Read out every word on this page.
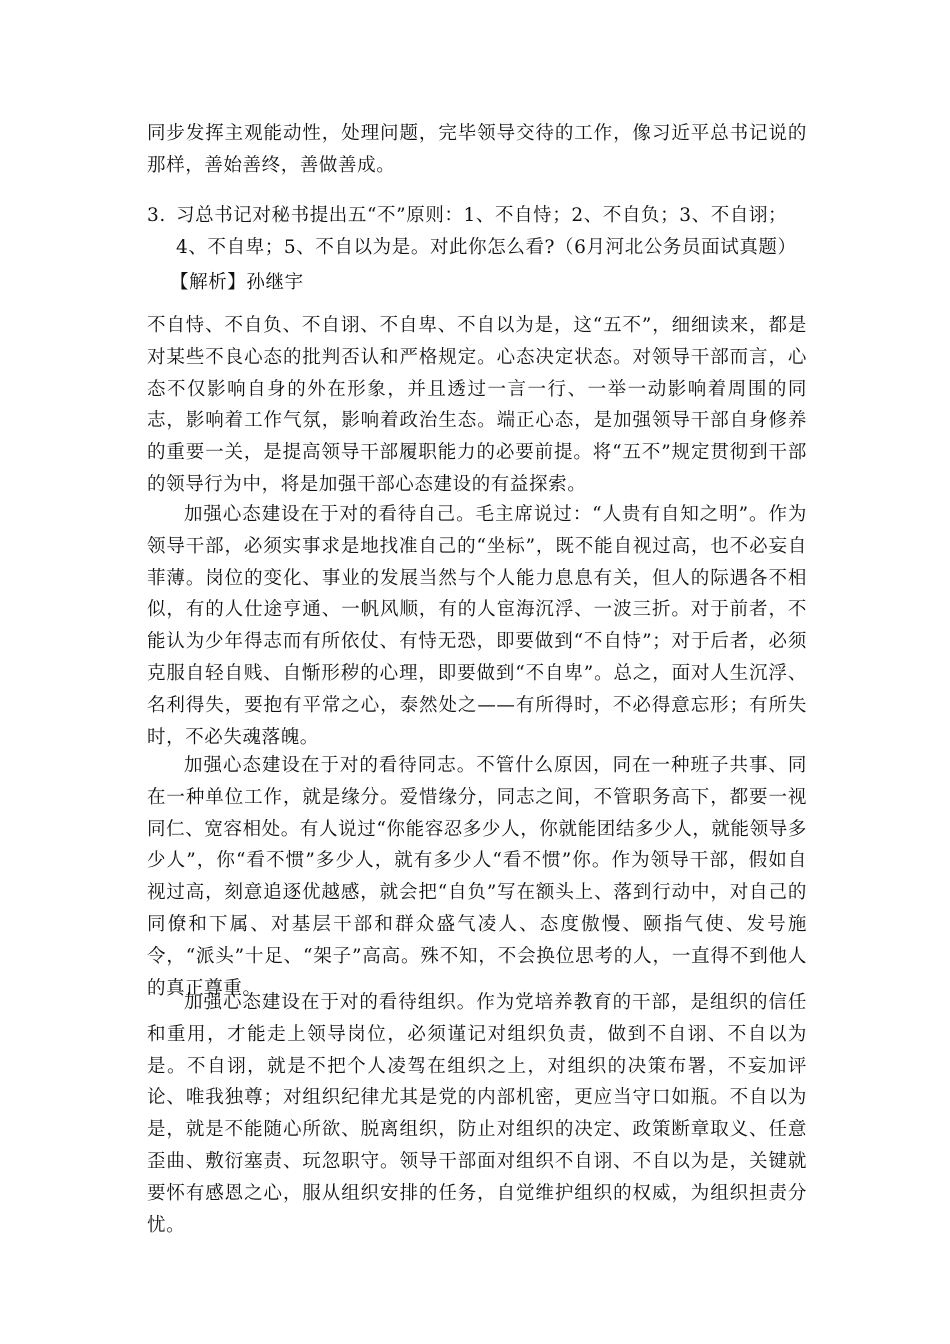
同步发挥主观能动性，处理问题，完毕领导交待的工作，像习近平总书记说的那样，善始善终，善做善成。

3. 习总书记对秘书提出五“不”原则：1、不自恃；2、不自负；3、不自诩；

4、不自卑；5、不自以为是。对此你怎么看?（6月河北公务员面试真题）

【解析】孙继宇

不自恃、不自负、不自诩、不自卑、不自以为是，这“五不”，细细读来，都是对某些不良心态的批判否认和严格规定。心态决定状态。对领导干部而言，心态不仅影响自身的外在形象，并且透过一言一行、一举一动影响着周围的同志，影响着工作气氛，影响着政治生态。端正心态，是加强领导干部自身修养的重要一关，是提高领导干部履职能力的必要前提。将“五不”规定贯彻到干部的领导行为中，将是加强干部心态建设的有益探索。

加强心态建设在于对的看待自己。毛主席说过：“人贵有自知之明”。作为领导干部，必须实事求是地找准自己的“坐标”，既不能自视过高，也不必妄自菲薄。岗位的变化、事业的发展当然与个人能力息息有关，但人的际遇各不相似，有的人仕途亨通、一帆风顺，有的人宦海沉浮、一波三折。对于前者，不能认为少年得志而有所依仗、有恃无恐，即要做到“不自恃”；对于后者，必须克服自轻自贱、自惭形秽的心理，即要做到“不自卑”。总之，面对人生沉浮、名利得失，要抱有平常之心，泰然处之——有所得时，不必得意忘形；有所失时，不必失魂落魄。

加强心态建设在于对的看待同志。不管什么原因，同在一种班子共事、同在一种单位工作，就是缘分。爱惜缘分，同志之间，不管职务高下，都要一视同仁、宽容相处。有人说过“你能容忍多少人，你就能团结多少人，就能领导多少人”，你“看不惯”多少人，就有多少人“看不惯”你。作为领导干部，假如自视过高，刻意追逐优越感，就会把“自负”写在额头上、落到行动中，对自己的同僚和下属、对基层干部和群众盛气凌人、态度傲慢、颐指气使、发号施令，“派头”十足、“架子”高高。殊不知，不会换位思考的人，一直得不到他人的真正尊重。

加强心态建设在于对的看待组织。作为党培养教育的干部，是组织的信任和重用，才能走上领导岗位，必须谨记对组织负责，做到不自诩、不自以为是。不自诩，就是不把个人凌驾在组织之上，对组织的决策布署，不妄加评论、唯我独尊；对组织纪律尤其是党的内部机密，更应当守口如瓶。不自以为是，就是不能随心所欲、脱离组织，防止对组织的决定、政策断章取义、任意歪曲、敷衍塞责、玩忽职守。领导干部面对组织不自诩、不自以为是，关键就要怀有感恩之心，服从组织安排的任务，自觉维护组织的权威，为组织担责分忧。
